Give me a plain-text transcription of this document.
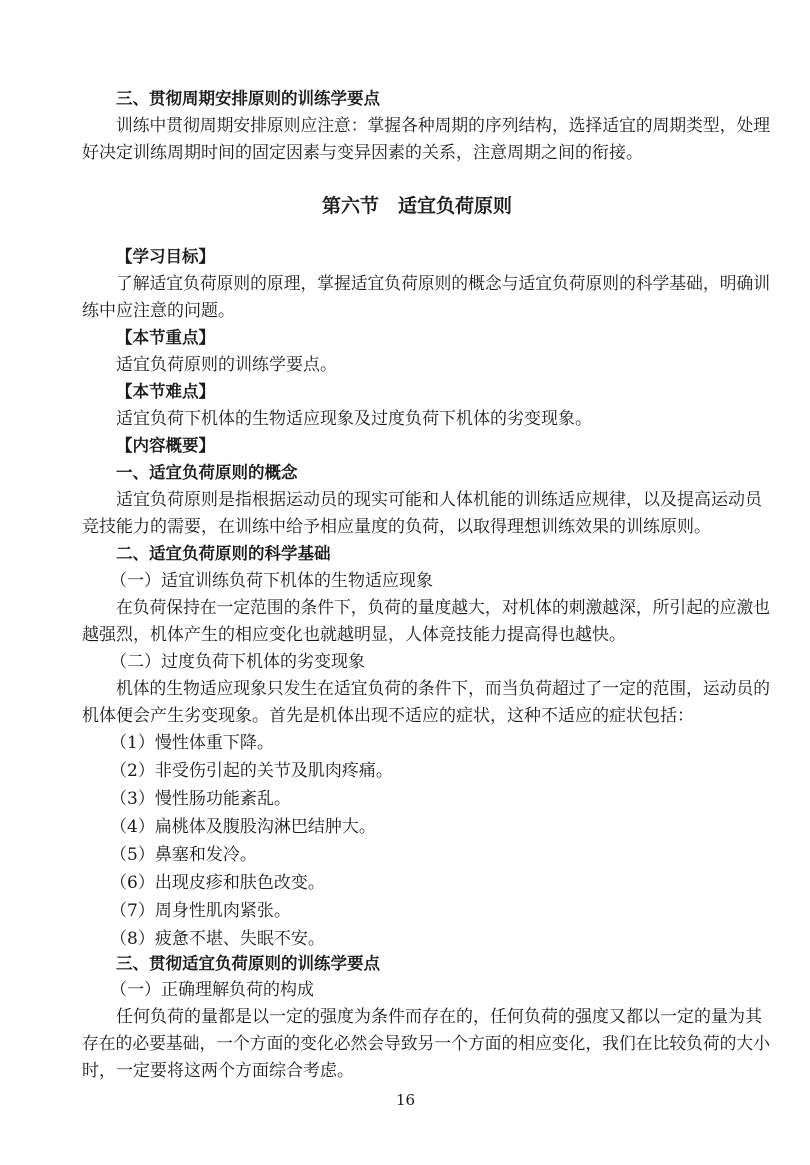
三、贯彻周期安排原则的训练学要点
训练中贯彻周期安排原则应注意：掌握各种周期的序列结构，选择适宜的周期类型，处理
好决定训练周期时间的固定因素与变异因素的关系，注意周期之间的衔接。
第六节　适宜负荷原则
【学习目标】
了解适宜负荷原则的原理，掌握适宜负荷原则的概念与适宜负荷原则的科学基础，明确训
练中应注意的问题。
【本节重点】
适宜负荷原则的训练学要点。
【本节难点】
适宜负荷下机体的生物适应现象及过度负荷下机体的劣变现象。
【内容概要】
一、适宜负荷原则的概念
适宜负荷原则是指根据运动员的现实可能和人体机能的训练适应规律，以及提高运动员
竞技能力的需要，在训练中给予相应量度的负荷，以取得理想训练效果的训练原则。
二、适宜负荷原则的科学基础
（一）适宜训练负荷下机体的生物适应现象
在负荷保持在一定范围的条件下，负荷的量度越大，对机体的刺激越深，所引起的应激也
越强烈，机体产生的相应变化也就越明显，人体竞技能力提高得也越快。
（二）过度负荷下机体的劣变现象
机体的生物适应现象只发生在适宜负荷的条件下，而当负荷超过了一定的范围，运动员的
机体便会产生劣变现象。首先是机体出现不适应的症状，这种不适应的症状包括：
（1）慢性体重下降。
（2）非受伤引起的关节及肌肉疼痛。
（3）慢性肠功能紊乱。
（4）扁桃体及腹股沟淋巴结肿大。
（5）鼻塞和发冷。
（6）出现皮疹和肤色改变。
（7）周身性肌肉紧张。
（8）疲惫不堪、失眠不安。
三、贯彻适宜负荷原则的训练学要点
（一）正确理解负荷的构成
任何负荷的量都是以一定的强度为条件而存在的，任何负荷的强度又都以一定的量为其
存在的必要基础，一个方面的变化必然会导致另一个方面的相应变化，我们在比较负荷的大小
时，一定要将这两个方面综合考虑。
16
